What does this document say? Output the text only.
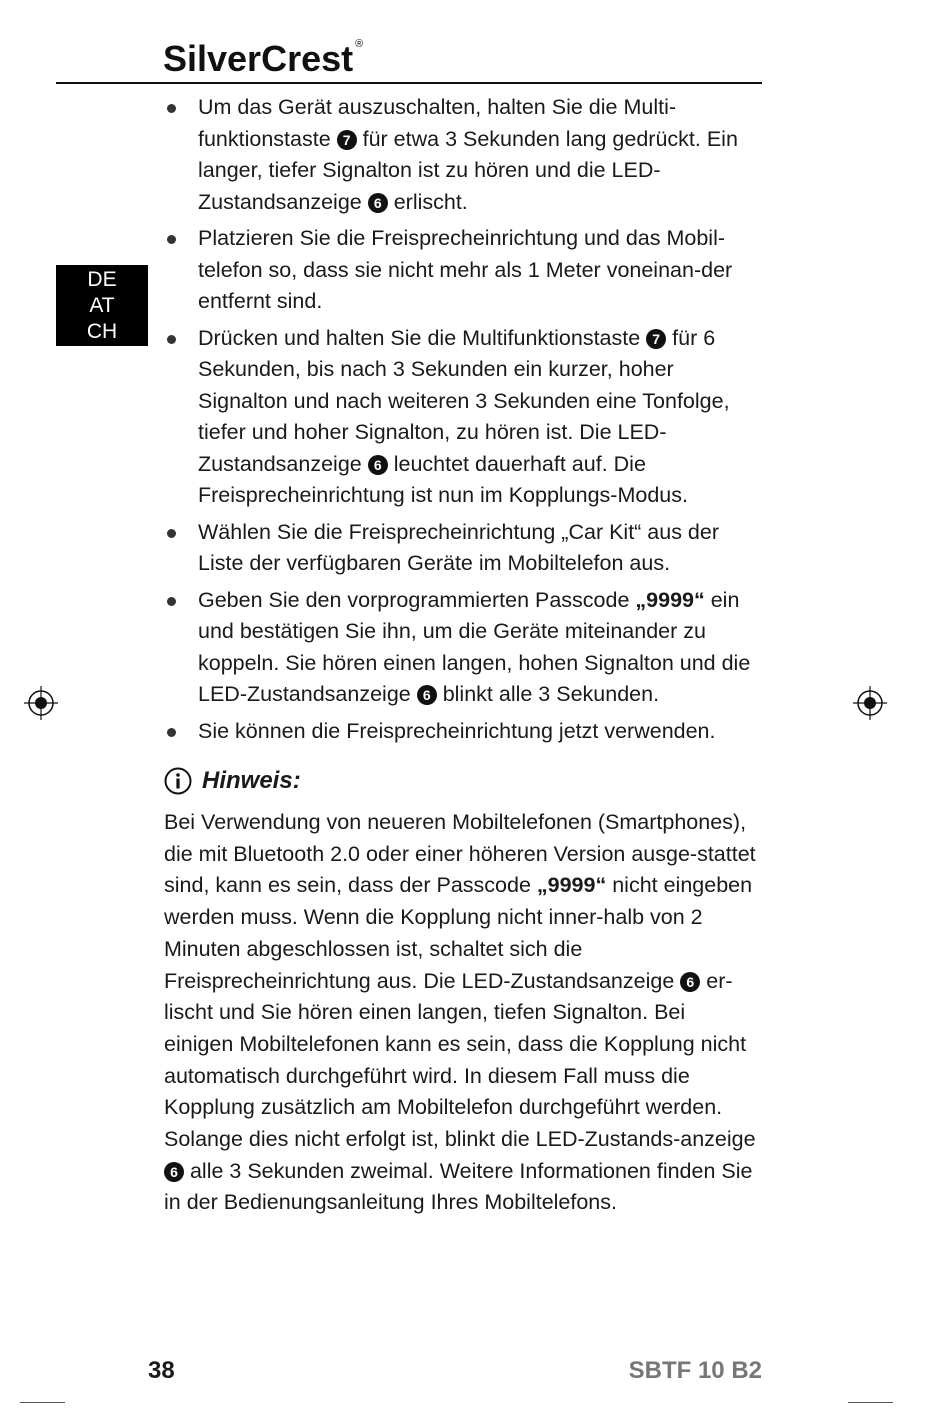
SilverCrest ®
DE
AT
CH
Um das Gerät auszuschalten, halten Sie die Multi-funktionstaste 7 für etwa 3 Sekunden lang gedrückt. Ein langer, tiefer Signalton ist zu hören und die LED-Zustandsanzeige 6 erlischt.
Platzieren Sie die Freisprecheinrichtung und das Mobil-telefon so, dass sie nicht mehr als 1 Meter voneinan-der entfernt sind.
Drücken und halten Sie die Multifunktionstaste 7 für 6 Sekunden, bis nach 3 Sekunden ein kurzer, hoher Signalton und nach weiteren 3 Sekunden eine Tonfolge, tiefer und hoher Signalton, zu hören ist. Die LED-Zustandsanzeige 6 leuchtet dauerhaft auf. Die Freisprecheinrichtung ist nun im Kopplungs-Modus.
Wählen Sie die Freisprecheinrichtung „Car Kit“ aus der Liste der verfügbaren Geräte im Mobiltelefon aus.
Geben Sie den vorprogrammierten Passcode „9999“ ein und bestätigen Sie ihn, um die Geräte miteinander zu koppeln. Sie hören einen langen, hohen Signalton und die LED-Zustandsanzeige 6 blinkt alle 3 Sekunden.
Sie können die Freisprecheinrichtung jetzt verwenden.
Hinweis:
Bei Verwendung von neueren Mobiltelefonen (Smartphones), die mit Bluetooth 2.0 oder einer höheren Version ausge-stattet sind, kann es sein, dass der Passcode „9999“ nicht eingeben werden muss. Wenn die Kopplung nicht inner-halb von 2 Minuten abgeschlossen ist, schaltet sich die Freisprecheinrichtung aus. Die LED-Zustandsanzeige 6 er-lischt und Sie hören einen langen, tiefen Signalton. Bei einigen Mobiltelefonen kann es sein, dass die Kopplung nicht automatisch durchgeführt wird. In diesem Fall muss die Kopplung zusätzlich am Mobiltelefon durchgeführt werden. Solange dies nicht erfolgt ist, blinkt die LED-Zustands-anzeige 6 alle 3 Sekunden zweimal. Weitere Informationen finden Sie in der Bedienungsanleitung Ihres Mobiltelefons.
38	SBTF 10 B2
